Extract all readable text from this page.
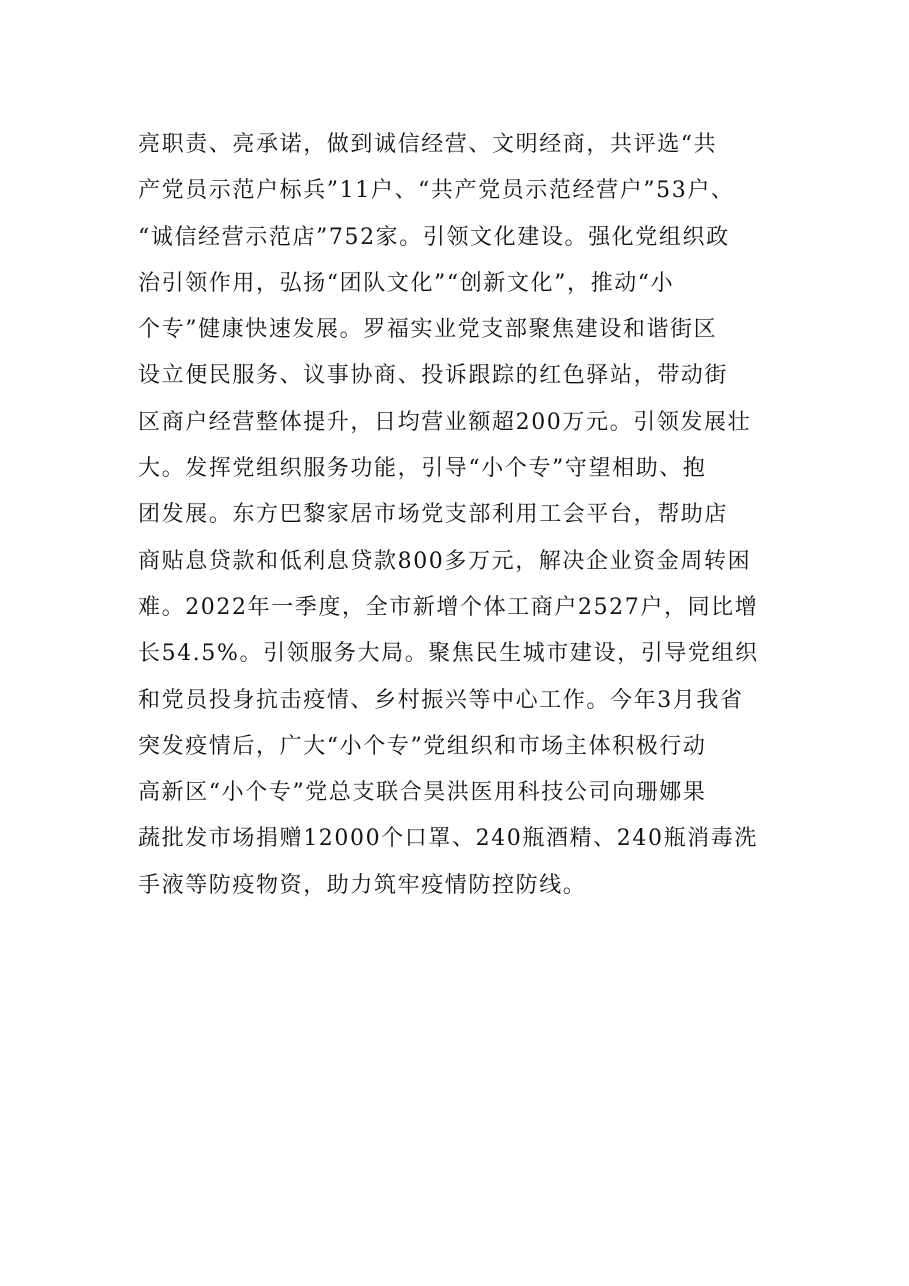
亮职责、亮承诺，做到诚信经营、文明经商，共评选“共
产党员示范户标兵”11户、“共产党员示范经营户”53户、
“诚信经营示范店”752家。引领文化建设。强化党组织政
治引领作用，弘扬“团队文化”“创新文化”，推动“小
个专”健康快速发展。罗福实业党支部聚焦建设和谐街区
设立便民服务、议事协商、投诉跟踪的红色驿站，带动街
区商户经营整体提升，日均营业额超200万元。引领发展壮
大。发挥党组织服务功能，引导“小个专”守望相助、抱
团发展。东方巴黎家居市场党支部利用工会平台，帮助店
商贴息贷款和低利息贷款800多万元，解决企业资金周转困
难。2022年一季度，全市新增个体工商户2527户，同比增
长54.5%。引领服务大局。聚焦民生城市建设，引导党组织
和党员投身抗击疫情、乡村振兴等中心工作。今年3月我省
突发疫情后，广大“小个专”党组织和市场主体积极行动
高新区“小个专”党总支联合昊洪医用科技公司向珊娜果
蔬批发市场捐赠12000个口罩、240瓶酒精、240瓶消毒洗
手液等防疫物资，助力筑牢疫情防控防线。
